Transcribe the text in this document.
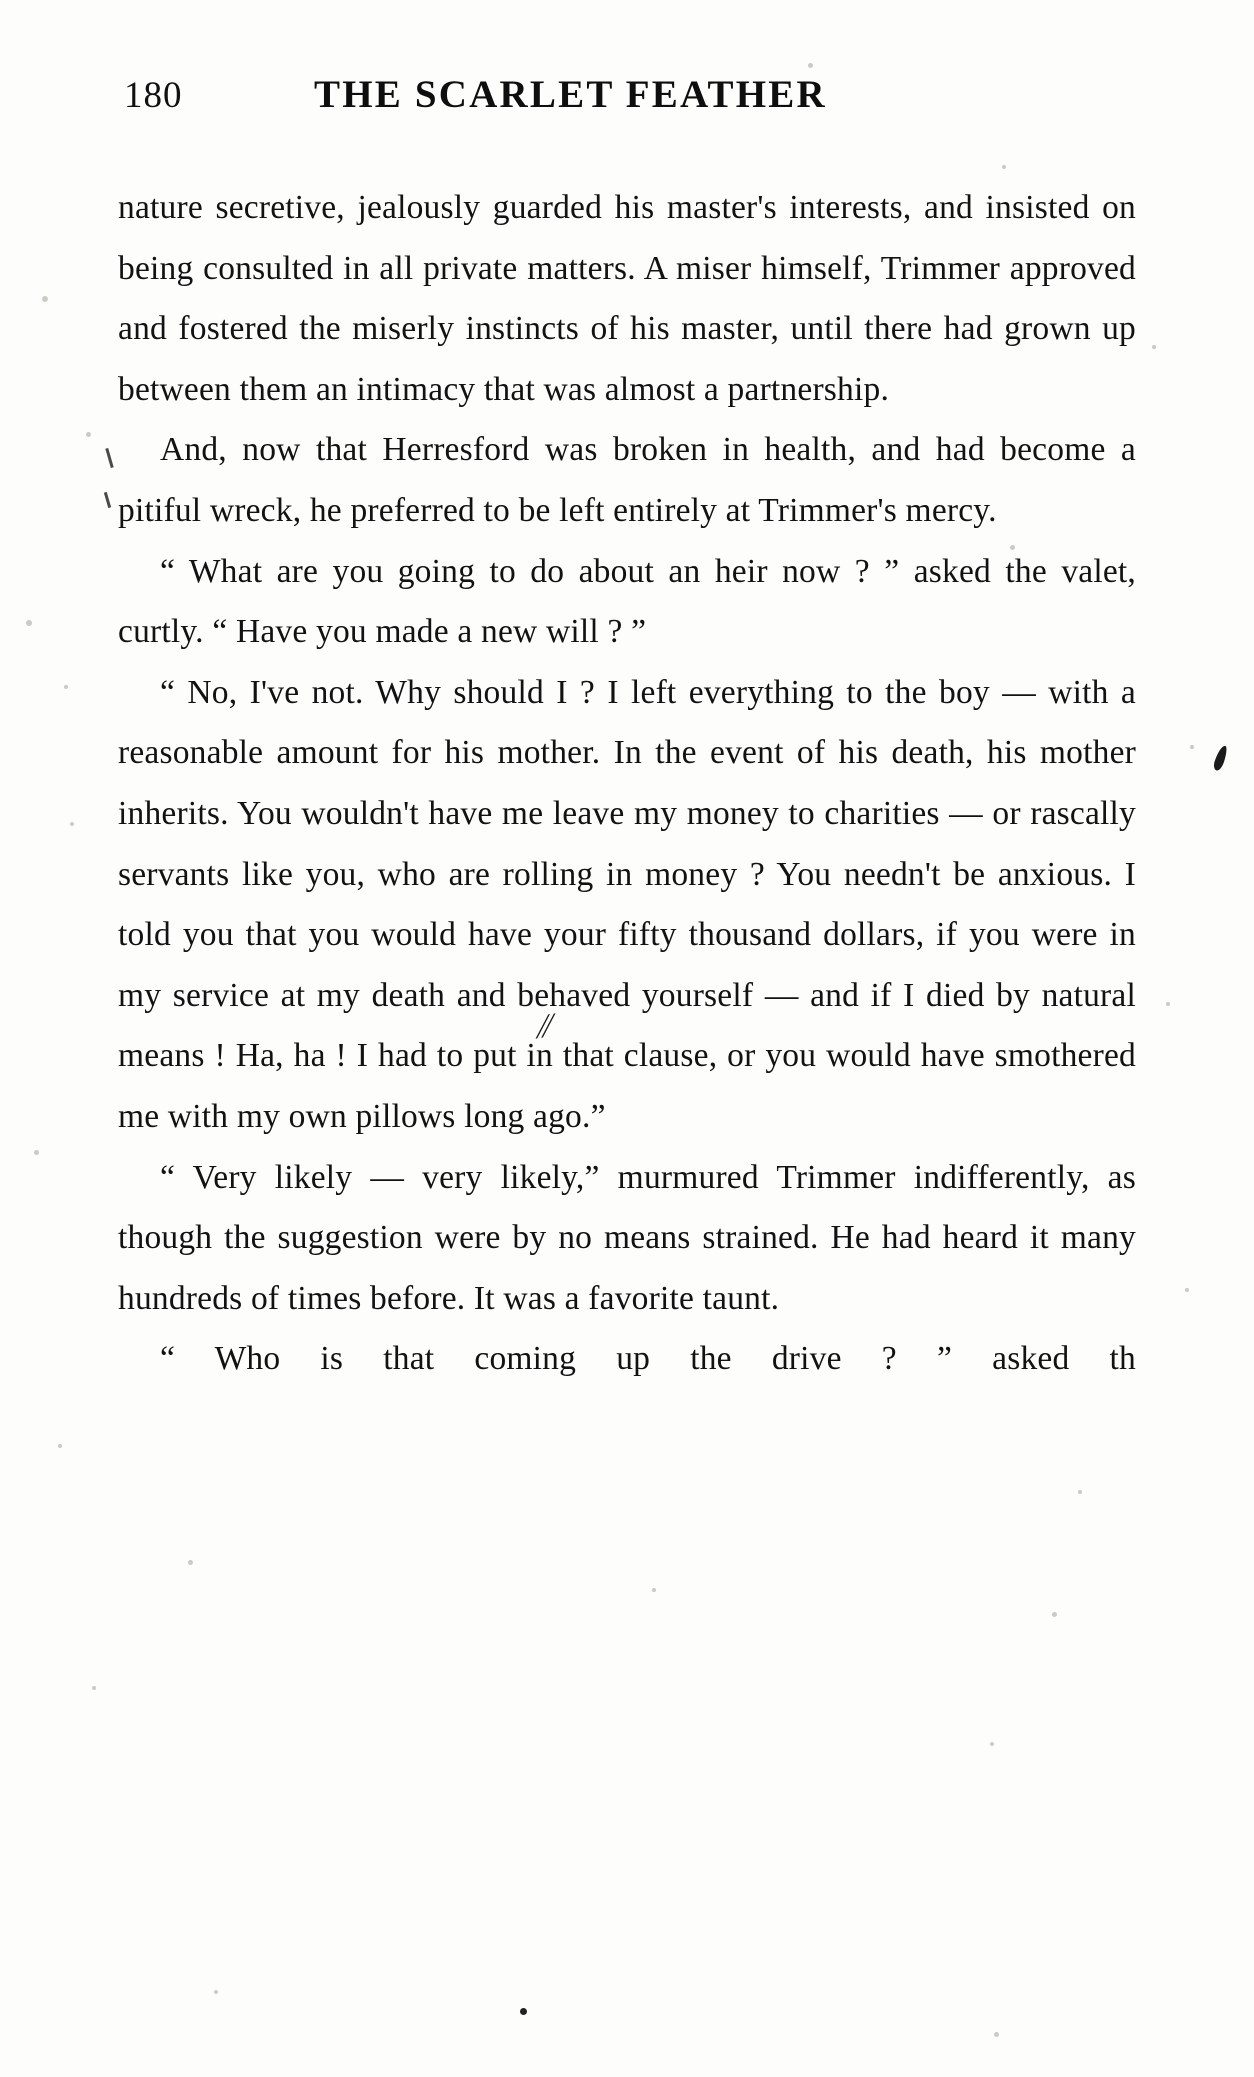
180	THE SCARLET FEATHER

nature secretive, jealously guarded his master's interests, and insisted on being consulted in all private matters. A miser himself, Trimmer approved and fostered the miserly instincts of his master, until there had grown up between them an intimacy that was almost a partnership.

And, now that Herresford was broken in health, and had become a pitiful wreck, he preferred to be left entirely at Trimmer's mercy.

“ What are you going to do about an heir now ? ” asked the valet, curtly. “ Have you made a new will ? ”

“ No, I've not. Why should I ? I left everything to the boy — with a reasonable amount for his mother. In the event of his death, his mother inherits. You wouldn't have me leave my money to charities — or rascally servants like you, who are rolling in money ? You needn't be anxious. I told you that you would have your fifty thousand dollars, if you were in my service at my death and behaved yourself — and if I died by natural means ! Ha, ha ! I had to put in that clause, or you would have smothered me with my own pillows long ago.”

“ Very likely — very likely,” murmured Trimmer indifferently, as though the suggestion were by no means strained. He had heard it many hundreds of times before. It was a favorite taunt.

“ Who is that coming up the drive ? ” asked th

⁄⁄
